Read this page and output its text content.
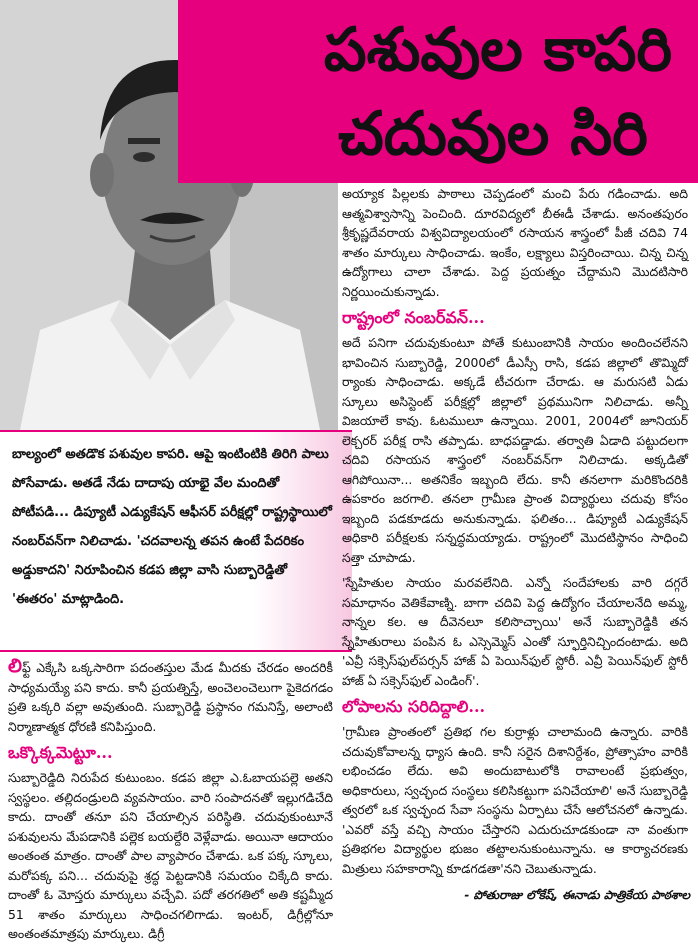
పశువుల కాపరి
చదువుల సిరి
బాల్యంలో అతడొక పశువుల కాపరి. ఆపై ఇంటింటికి తిరిగి పాలు పోసేవాడు. అతడే నేడు దాదాపు యాభై వేల మందితో పోటీపడి... డిప్యూటీ ఎడ్యుకేషన్ ఆఫీసర్ పరీక్షల్లో రాష్ట్రస్థాయిలో నంబర్‌వన్‌గా నిలిచాడు. 'చదవాలన్న తపన ఉంటే పేదరికం అడ్డుకాదని' నిరూపించిన కడప జిల్లా వాసి సుబ్బారెడ్డితో 'ఈతరం' మాట్లాడింది.

అయ్యాక పిల్లలకు పాఠాలు చెప్పడంలో మంచి పేరు గడించాడు. అది ఆత్మవిశ్వాసాన్ని పెంచింది. దూరవిద్యలో బీఈడీ చేశాడు. అనంతపురం శ్రీకృష్ణదేవరాయ విశ్వవిద్యాలయంలో రసాయన శాస్త్రంలో పీజీ చదివి 74 శాతం మార్కులు సాధించాడు. ఇంకేం, లక్ష్యాలు విస్తరించాయి. చిన్న చిన్న ఉద్యోగాలు చాలా చేశాడు. పెద్ద ప్రయత్నం చేద్దామని మొదటిసారి నిర్ణయించుకున్నాడు.

రాష్ట్రంలో నంబర్‌వన్...

అదే పనిగా చదువుకుంటూ పోతే కుటుంబానికి సాయం అందించలేనని భావించిన సుబ్బారెడ్డి, 2000లో డీఎస్సీ రాసి, కడప జిల్లాలో తొమ్మిదో ర్యాంకు సాధించాడు. అక్కడే టీచరుగా చేరాడు. ఆ మరుసటి ఏడు స్కూలు అసిస్టెంట్ పరీక్షల్లో జిల్లాలో ప్రథమునిగా నిలిచాడు. అన్నీ విజయాలే కావు. ఓటములూ ఉన్నాయి. 2001, 2004లో జూనియర్ లెక్చరర్ పరీక్ష రాసి తప్పాడు. బాధపడ్డాడు. తర్వాతి ఏడాది పట్టుదలగా చదివి రసాయన శాస్త్రంలో నంబర్‌వన్‌గా నిలిచాడు. అక్కడితో ఆగిపోయినా... అతనికేం ఇబ్బంది లేదు. కానీ తనలాగా మరికొందరికి ఉపకారం జరగాలి. తనలా గ్రామీణ ప్రాంత విద్యార్థులు చదువు కోసం ఇబ్బంది పడకూడదు అనుకున్నాడు. ఫలితం... డిప్యూటీ ఎడ్యుకేషన్ అధికారి పరీక్షలకు సన్నద్ధమయ్యాడు. రాష్ట్రంలో మొదటిస్థానం సాధించి సత్తా చూపాడు.

'స్నేహితుల సాయం మరవలేనిది. ఎన్నో సందేహాలకు వారి దగ్గరే సమాధానం వెతికేవాణ్ని. బాగా చదివి పెద్ద ఉద్యోగం చేయాలనేది అమ్మ, నాన్నల కల. ఆ దీవెనలూ కలిసొచ్చాయి' అనే సుబ్బారెడ్డికి తన స్నేహితురాలు పంపిన ఓ ఎస్సెమ్మెస్ ఎంతో స్ఫూర్తినిచ్చిందంటాడు. అది 'ఎవ్రీ సక్సెస్‌ఫుల్‌పర్సన్ హాజ్ ఏ పెయిన్‌ఫుల్ స్టోరీ. ఎవ్రీ పెయిన్‌ఫుల్ స్టోరీ హాజ్ ఏ సక్సెస్‌ఫుల్ ఎండింగ్'.

లోపాలను సరిదిద్దాలి...

'గ్రామీణ ప్రాంతంలో ప్రతిభ గల కుర్రాళ్లు చాలామంది ఉన్నారు. వారికి చదువుకోవాలన్న ధ్యాస ఉంది. కానీ సరైన దిశానిర్దేశం, ప్రోత్సాహం వారికి లభించడం లేదు. అవి అందుబాటులోకి రావాలంటే ప్రభుత్వం, అధికారులు, స్వచ్ఛంద సంస్థలు కలిసికట్టుగా పనిచేయాలి' అనే సుబ్బారెడ్డి త్వరలో ఒక స్వచ్ఛంద సేవా సంస్థను ఏర్పాటు చేసే ఆలోచనలో ఉన్నాడు. 'ఎవరో వస్తే వచ్చి సాయం చేస్తారని ఎదురుచూడకుండా నా వంతుగా ప్రతిభగల విద్యార్థుల భుజం తట్టాలనుకుంటున్నాను. ఆ కార్యాచరణకు మిత్రులు సహకారాన్ని కూడగడతా'నని చెబుతున్నాడు.

లిఫ్ట్ ఎక్కేసి ఒక్కసారిగా పదంతస్తుల మేడ మీదకు చేరడం అందరికీ సాధ్యమయ్యే పని కాదు. కానీ ప్రయత్నిస్తే, అంచెలంచెలుగా పైకెదగడం ప్రతి ఒక్కరి వల్లా అవుతుంది. సుబ్బారెడ్డి ప్రస్థానం గమనిస్తే, అలాంటి నిర్మాణాత్మక ధోరణి కనిపిస్తుంది.

ఒక్కొక్కమెట్టూ...

సుబ్బారెడ్డిది నిరుపేద కుటుంబం. కడప జిల్లా ఎ.ఓబాయపల్లె అతని స్వస్థలం. తల్లిదండ్రులది వ్యవసాయం. వారి సంపాదనతో ఇల్లుగడిచేది కాదు. దాంతో తనూ పని చేయాల్సిన పరిస్థితి. చదువుకుంటూనే పశువులను మేపడానికి పల్లెక బయల్దేరి వెళ్లేవాడు. అయినా ఆదాయం అంతంత మాత్రం. దాంతో పాల వ్యాపారం చేశాడు. ఒక పక్క స్కూలు, మరోపక్క పని... చదువుపై శ్రద్ధ పెట్టడానికి సమయం చిక్కేది కాదు. దాంతో ఓ మోస్తరు మార్కులు వచ్చేవి. పదో తరగతిలో అతి కష్టమ్మీద 51 శాతం మార్కులు సాధించగలిగాడు. ఇంటర్, డిగ్రీల్లోనూ అంతంతమాత్రపు మార్కులు. డిగ్రీ

- పోతురాజు లోకేష్, ఈనాడు పాత్రికేయ పాఠశాల
